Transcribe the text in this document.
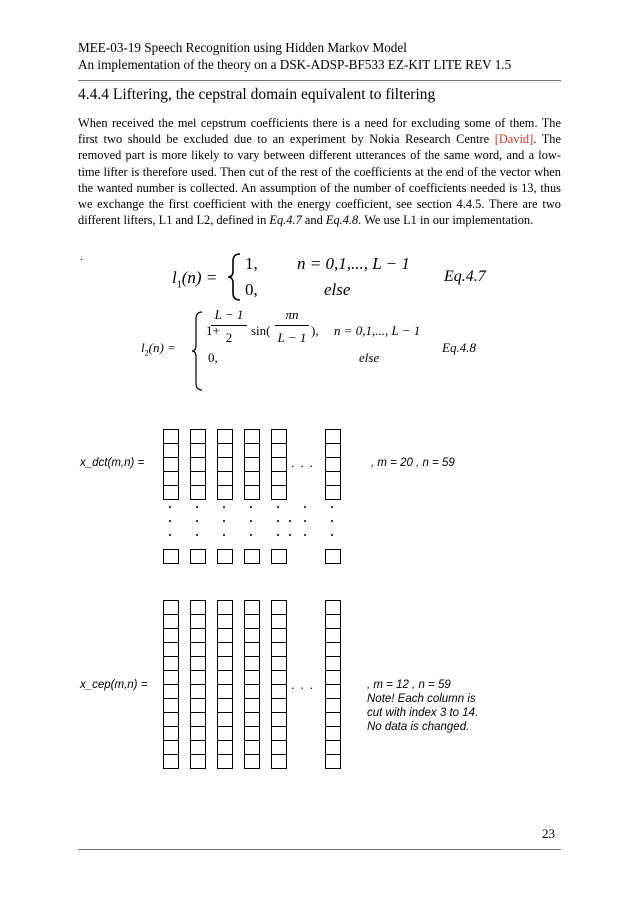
MEE-03-19 Speech Recognition using Hidden Markov Model
An implementation of the theory on a DSK-ADSP-BF533 EZ-KIT LITE REV 1.5
4.4.4 Liftering, the cepstral domain equivalent to filtering
When received the mel cepstrum coefficients there is a need for excluding some of them. The first two should be excluded due to an experiment by Nokia Research Centre [David]. The removed part is more likely to vary between different utterances of the same word, and a low-time lifter is therefore used. Then cut of the rest of the coefficients at the end of the vector when the wanted number is collected. An assumption of the number of coefficients needed is 13, thus we exchange the first coefficient with the energy coefficient, see section 4.4.5. There are two different lifters, L1 and L2, defined in Eq.4.7 and Eq.4.8. We use L1 in our implementation.
.
$l_1(n)$ =
1, n = 0,1,..., L − 1
0,	else
Eq.4.7
$l_2(n)$ =
1+
L − 1
2	sin(
πn
L − 1 ), n = 0,1,..., L − 1
0,	else
Eq.4.8
x_dct(m,n) =	. . .	, m = 20 , n = 59
x_cep(m,n) =	. . .	, m = 12 , n = 59
Note! Each column is
cut with index 3 to 14.
No data is changed.
23
